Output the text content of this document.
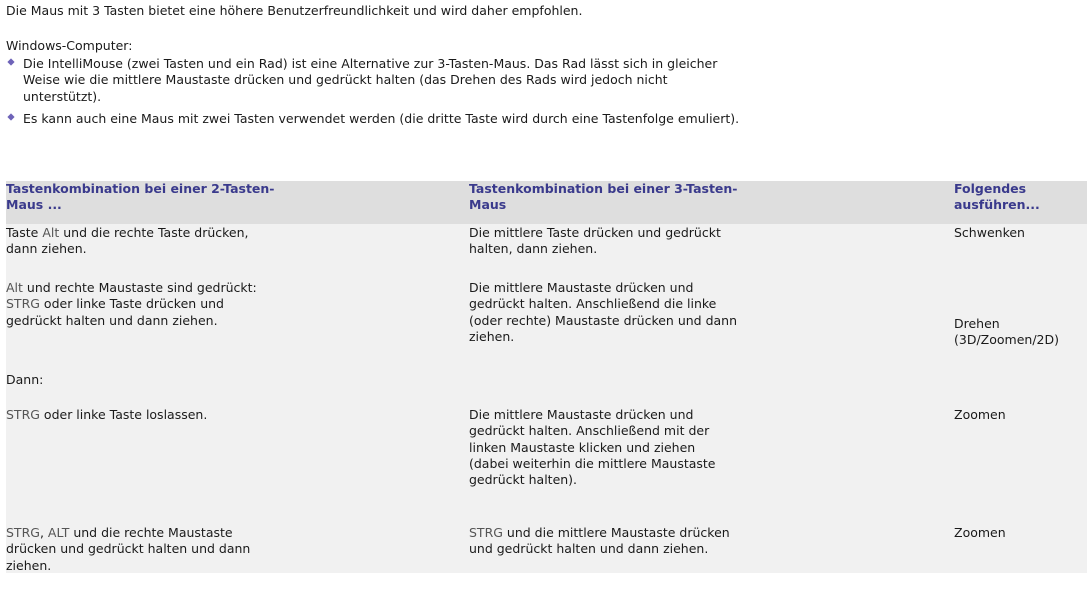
Die Maus mit 3 Tasten bietet eine höhere Benutzerfreundlichkeit und wird daher empfohlen.
Windows-Computer:
Die IntelliMouse (zwei Tasten und ein Rad) ist eine Alternative zur 3-Tasten-Maus. Das Rad lässt sich in gleicher Weise wie die mittlere Maustaste drücken und gedrückt halten (das Drehen des Rads wird jedoch nicht unterstützt).
Es kann auch eine Maus mit zwei Tasten verwendet werden (die dritte Taste wird durch eine Tastenfolge emuliert).
Tastenkombination bei einer 2-Tasten-Maus ...
Tastenkombination bei einer 3-Tasten-Maus
Folgendes ausführen...
Taste Alt und die rechte Taste drücken, dann ziehen.
Die mittlere Taste drücken und gedrückt halten, dann ziehen.
Schwenken
Alt und rechte Maustaste sind gedrückt: STRG oder linke Taste drücken und gedrückt halten und dann ziehen.
Die mittlere Maustaste drücken und gedrückt halten. Anschließend die linke (oder rechte) Maustaste drücken und dann ziehen.
Drehen (3D/Zoomen/2D)
Dann:
STRG oder linke Taste loslassen.	Die mittlere Maustaste drücken und gedrückt halten. Anschließend mit der linken Maustaste klicken und ziehen (dabei weiterhin die mittlere Maustaste gedrückt halten).
Zoomen
STRG, ALT und die rechte Maustaste drücken und gedrückt halten und dann ziehen.
STRG und die mittlere Maustaste drücken und gedrückt halten und dann ziehen.
Zoomen
